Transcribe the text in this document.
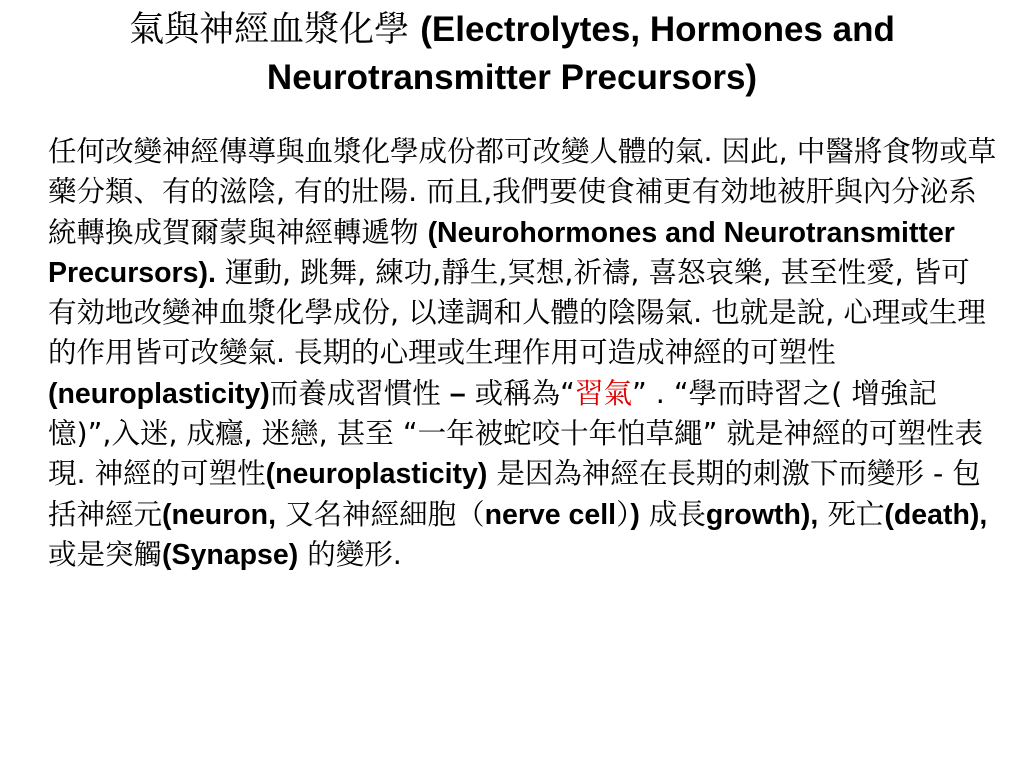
氣與神經血漿化學 (Electrolytes, Hormones and Neurotransmitter Precursors)

任何改變神經傳導與血漿化學成份都可改變人體的氣. 因此, 中醫將食物或草藥分類、有的滋陰, 有的壯陽. 而且,我們要使食補更有効地被肝與內分泌系統轉換成賀爾蒙與神經轉遞物 (Neurohormones and Neurotransmitter Precursors). 運動, 跳舞, 練功,靜生,冥想,祈禱, 喜怒哀樂, 甚至性愛, 皆可有効地改變神血漿化學成份, 以達調和人體的陰陽氣. 也就是說, 心理或生理的作用皆可改變氣. 長期的心理或生理作用可造成神經的可塑性(neuroplasticity)而養成習慣性 – 或稱為“習氣” . “學而時習之( 增強記憶)”,入迷, 成癮, 迷戀, 甚至 “一年被蛇咬十年怕草繩” 就是神經的可塑性表現. 神經的可塑性(neuroplasticity) 是因為神經在長期的刺激下而變形 - 包括神經元(neuron, 又名神經細胞（nerve cell）) 成長growth), 死亡(death), 或是突觸(Synapse) 的變形.
